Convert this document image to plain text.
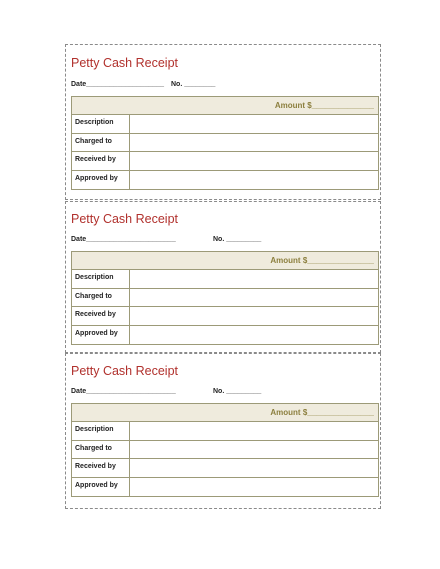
Petty Cash Receipt
Date____________________ No. ________
Amount $______________
Description
Charged to
Received by
Approved by
Petty Cash Receipt
Date_______________________	No. _________
Amount $_______________
Description
Charged to
Received by
Approved by
Petty Cash Receipt
Date_______________________	No. _________
Amount $_______________
Description
Charged to
Received by
Approved by
